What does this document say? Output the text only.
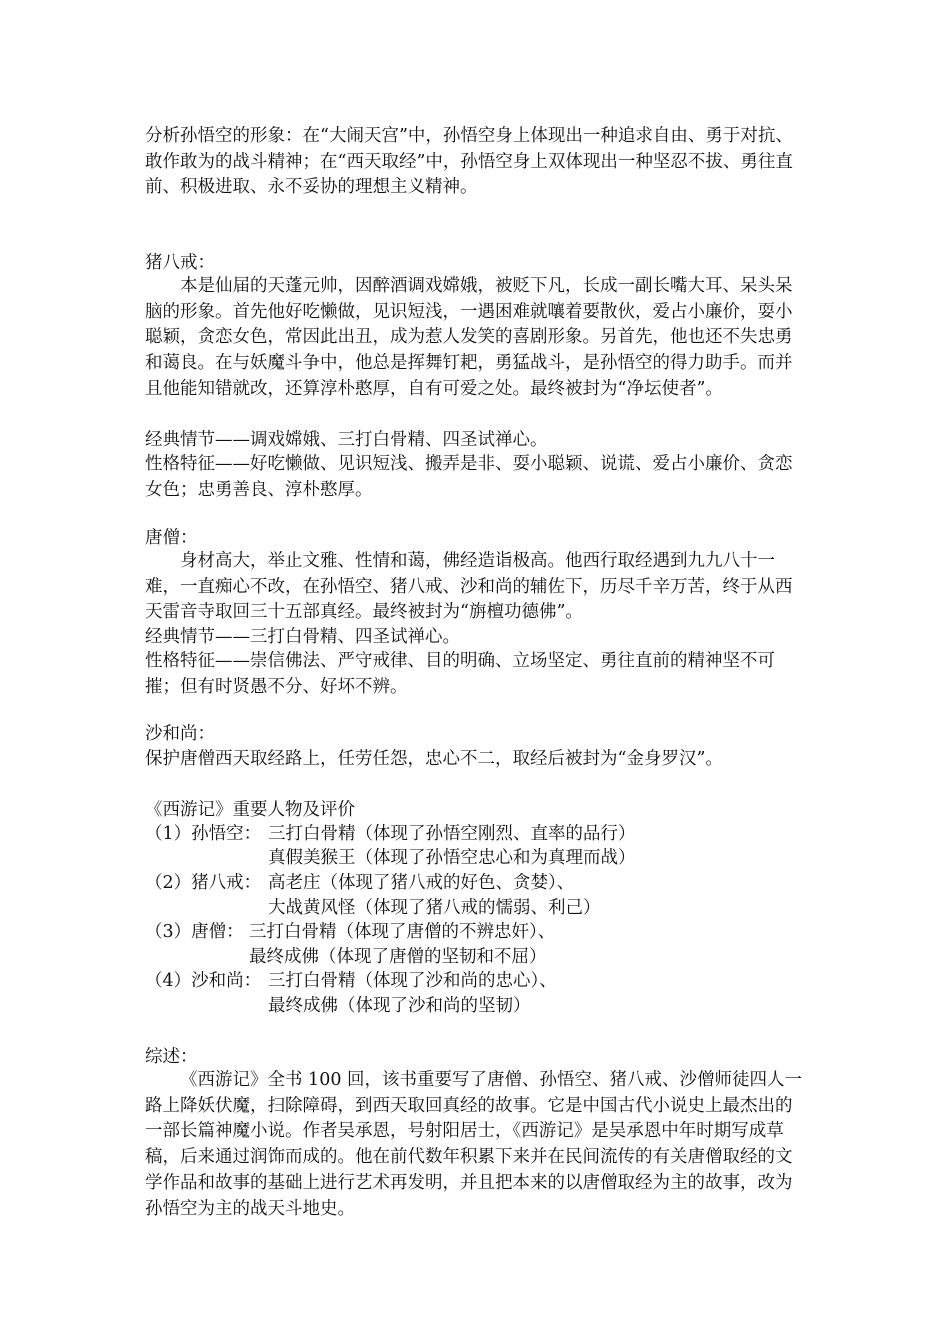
分析孙悟空的形象：在“大闹天宫”中，孙悟空身上体现出一种追求自由、勇于对抗、敢作敢为的战斗精神；在“西天取经”中，孙悟空身上双体现出一种坚忍不拔、勇往直前、积极进取、永不妥协的理想主义精神。

猪八戒：

本是仙届的天蓬元帅，因醉酒调戏嫦娥，被贬下凡，长成一副长嘴大耳、呆头呆脑的形象。首先他好吃懒做，见识短浅，一遇困难就嚷着要散伙，爱占小廉价，耍小聪颖，贪恋女色，常因此出丑，成为惹人发笑的喜剧形象。另首先，他也还不失忠勇和蔼良。在与妖魔斗争中，他总是挥舞钉耙，勇猛战斗，是孙悟空的得力助手。而并且他能知错就改，还算淳朴憨厚，自有可爱之处。最终被封为“净坛使者”。

经典情节——调戏嫦娥、三打白骨精、四圣试禅心。

性格特征——好吃懒做、见识短浅、搬弄是非、耍小聪颖、说谎、爱占小廉价、贪恋女色；忠勇善良、淳朴憨厚。

唐僧：

身材高大，举止文雅、性情和蔼，佛经造诣极高。他西行取经遇到九九八十一难，一直痴心不改，在孙悟空、猪八戒、沙和尚的辅佐下，历尽千辛万苦，终于从西天雷音寺取回三十五部真经。最终被封为“旃檀功德佛”。

经典情节——三打白骨精、四圣试禅心。

性格特征——崇信佛法、严守戒律、目的明确、立场坚定、勇往直前的精神坚不可摧；但有时贤愚不分、好坏不辨。

沙和尚：
保护唐僧西天取经路上，任劳任怨，忠心不二，取经后被封为“金身罗汉”。
《西游记》重要人物及评价
（1）孙悟空： 三打白骨精（体现了孙悟空刚烈、直率的品行）
真假美猴王（体现了孙悟空忠心和为真理而战）
（2）猪八戒： 高老庄（体现了猪八戒的好色、贪婪）、
大战黄风怪（体现了猪八戒的懦弱、利己）
（3）唐僧： 三打白骨精（体现了唐僧的不辨忠奸）、
最终成佛（体现了唐僧的坚韧和不屈）
（4）沙和尚： 三打白骨精（体现了沙和尚的忠心）、
最终成佛（体现了沙和尚的坚韧）
综述：

《西游记》全书 100 回，该书重要写了唐僧、孙悟空、猪八戒、沙僧师徒四人一路上降妖伏魔，扫除障碍，到西天取回真经的故事。它是中国古代小说史上最杰出的一部长篇神魔小说。作者吴承恩，号射阳居士，《西游记》是吴承恩中年时期写成草稿，后来通过润饰而成的。他在前代数年积累下来并在民间流传的有关唐僧取经的文学作品和故事的基础上进行艺术再发明，并且把本来的以唐僧取经为主的故事，改为孙悟空为主的战天斗地史。
